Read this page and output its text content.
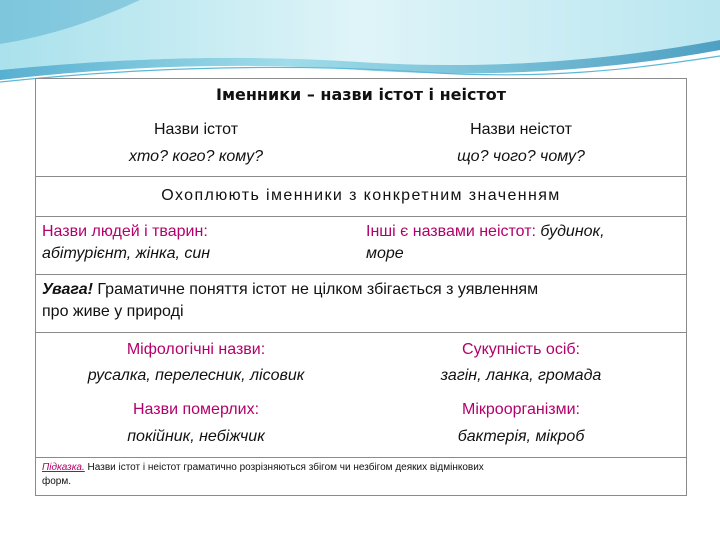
Іменники – назви істот і неістот
Назви істот
хто? кого? кому?
Назви неістот
що? чого? чому?
Охоплюють іменники з конкретним значенням
Назви людей і тварин:
абітурієнт, жінка, син
Інші є назвами неістот: будинок,
море
Увага! Граматичне поняття істот не цілком збігається з уявленням
про живе у природі
Міфологічні назви:
русалка, перелесник, лісовик
Сукупність осіб:
загін, ланка, громада
Назви померлих:
покійник, небіжчик
Мікроорганізми:
бактерія, мікроб
Підказка. Назви істот і неістот граматично розрізняються збігом чи незбігом деяких відмінкових
форм.
